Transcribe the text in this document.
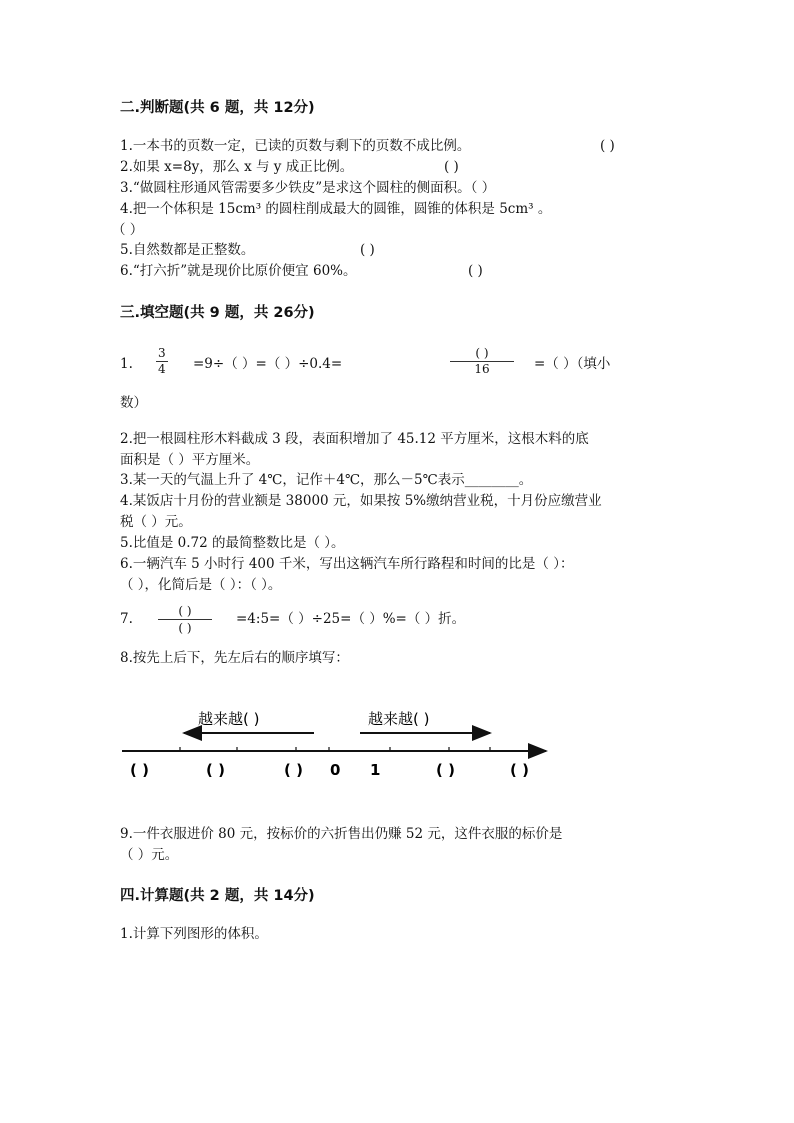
二.判断题(共 6 题，共 12分)
1.一本书的页数一定，已读的页数与剩下的页数不成比例。	( )
2.如果 x=8y，那么 x 与 y 成正比例。	( )
3.“做圆柱形通风管需要多少铁皮”是求这个圆柱的侧面积。（ ）
4.把一个体积是 15cm³ 的圆柱削成最大的圆锥，圆锥的体积是 5cm³ 。
（ ）
5.自然数都是正整数。	( )
6.“打六折”就是现价比原价便宜 60%。	( )
三.填空题(共 9 题，共 26分)
1. $\frac{3}{4} =9\div$（ ）=（ ）÷0.4=
( )
16	=（ ）（填小
数）
2.把一根圆柱形木料截成 3 段，表面积增加了 45.12 平方厘米，这根木料的底
面积是（ ）平方厘米。
3.某一天的气温上升了 4℃，记作＋4℃，那么－5℃表示________。
4.某饭店十月份的营业额是 38000 元，如果按 5%缴纳营业税，十月份应缴营业
税（ ）元。
5.比值是 0.72 的最简整数比是（ ）。
6.一辆汽车 5 小时行 400 千米，写出这辆汽车所行路程和时间的比是（ ）：
（ ），化简后是（ ）：（ ）。
7.	( )
( )
=4:5=（ ）÷25=（ ）%=（ ）折。
8.按先上后下，先左后右的顺序填写：
越来越( )	越来越( )
( )	( )	( ) 0 1	( )	( )
9.一件衣服进价 80 元，按标价的六折售出仍赚 52 元，这件衣服的标价是
（ ）元。
四.计算题(共 2 题，共 14分)
1.计算下列图形的体积。
